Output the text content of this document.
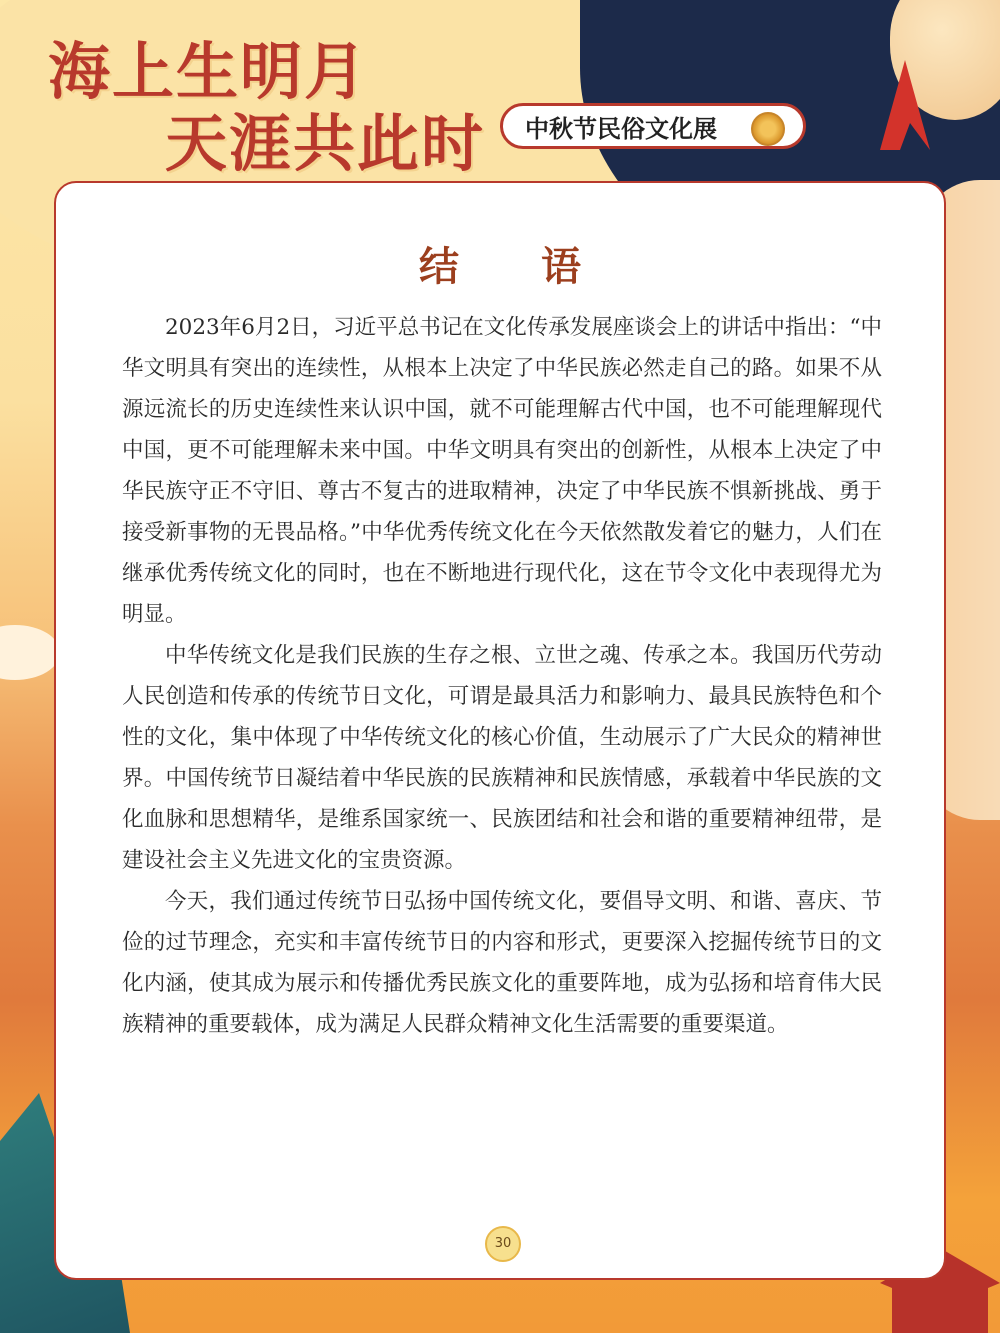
海上生明月
天涯共此时 中秋节民俗文化展
结 语

2023年6月2日，习近平总书记在文化传承发展座谈会上的讲话中指出：“中华文明具有突出的连续性，从根本上决定了中华民族必然走自己的路。如果不从源远流长的历史连续性来认识中国，就不可能理解古代中国，也不可能理解现代中国，更不可能理解未来中国。中华文明具有突出的创新性，从根本上决定了中华民族守正不守旧、尊古不复古的进取精神，决定了中华民族不惧新挑战、勇于接受新事物的无畏品格。”中华优秀传统文化在今天依然散发着它的魅力，人们在继承优秀传统文化的同时，也在不断地进行现代化，这在节令文化中表现得尤为明显。

中华传统文化是我们民族的生存之根、立世之魂、传承之本。我国历代劳动人民创造和传承的传统节日文化，可谓是最具活力和影响力、最具民族特色和个性的文化，集中体现了中华传统文化的核心价值，生动展示了广大民众的精神世界。中国传统节日凝结着中华民族的民族精神和民族情感，承载着中华民族的文化血脉和思想精华，是维系国家统一、民族团结和社会和谐的重要精神纽带，是建设社会主义先进文化的宝贵资源。

今天，我们通过传统节日弘扬中国传统文化，要倡导文明、和谐、喜庆、节俭的过节理念，充实和丰富传统节日的内容和形式，更要深入挖掘传统节日的文化内涵，使其成为展示和传播优秀民族文化的重要阵地，成为弘扬和培育伟大民族精神的重要载体，成为满足人民群众精神文化生活需要的重要渠道。

30
